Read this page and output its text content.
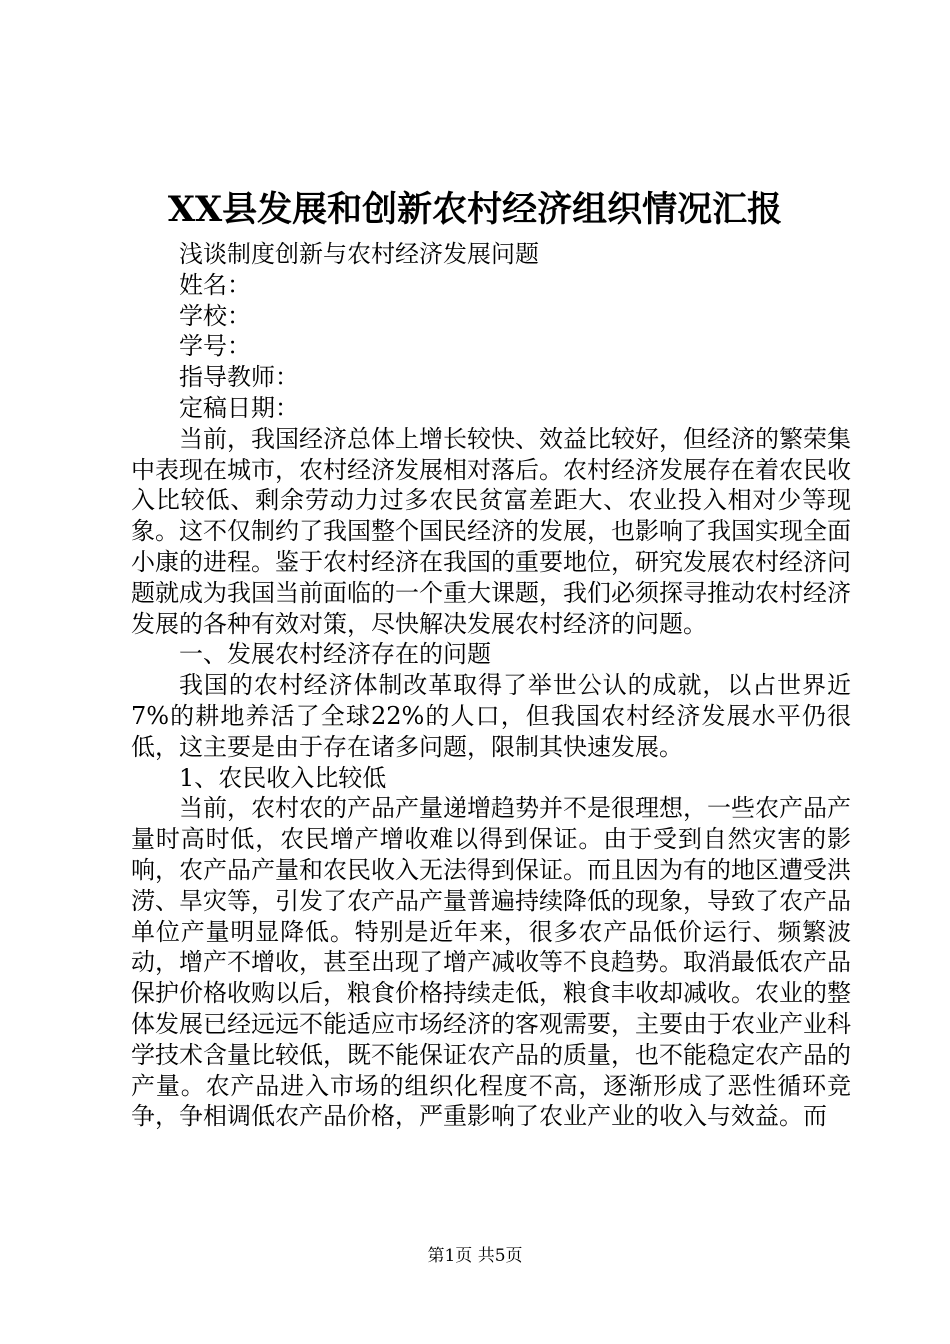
XX县发展和创新农村经济组织情况汇报
浅谈制度创新与农村经济发展问题
姓名：
学校：
学号：
指导教师：
定稿日期：
当前，我国经济总体上增长较快、效益比较好，但经济的繁荣集中表现在城市，农村经济发展相对落后。农村经济发展存在着农民收入比较低、剩余劳动力过多农民贫富差距大、农业投入相对少等现象。这不仅制约了我国整个国民经济的发展，也影响了我国实现全面小康的进程。鉴于农村经济在我国的重要地位，研究发展农村经济问题就成为我国当前面临的一个重大课题，我们必须探寻推动农村经济发展的各种有效对策，尽快解决发展农村经济的问题。
一、发展农村经济存在的问题
我国的农村经济体制改革取得了举世公认的成就，以占世界近7%的耕地养活了全球22%的人口，但我国农村经济发展水平仍很低，这主要是由于存在诸多问题，限制其快速发展。
1、农民收入比较低
当前，农村农的产品产量递增趋势并不是很理想，一些农产品产量时高时低，农民增产增收难以得到保证。由于受到自然灾害的影响，农产品产量和农民收入无法得到保证。而且因为有的地区遭受洪涝、旱灾等，引发了农产品产量普遍持续降低的现象，导致了农产品单位产量明显降低。特别是近年来，很多农产品低价运行、频繁波动，增产不增收，甚至出现了增产减收等不良趋势。取消最低农产品保护价格收购以后，粮食价格持续走低，粮食丰收却减收。农业的整体发展已经远远不能适应市场经济的客观需要，主要由于农业产业科学技术含量比较低，既不能保证农产品的质量，也不能稳定农产品的产量。农产品进入市场的组织化程度不高，逐渐形成了恶性循环竞争，争相调低农产品价格，严重影响了农业产业的收入与效益。而
第1页 共5页
